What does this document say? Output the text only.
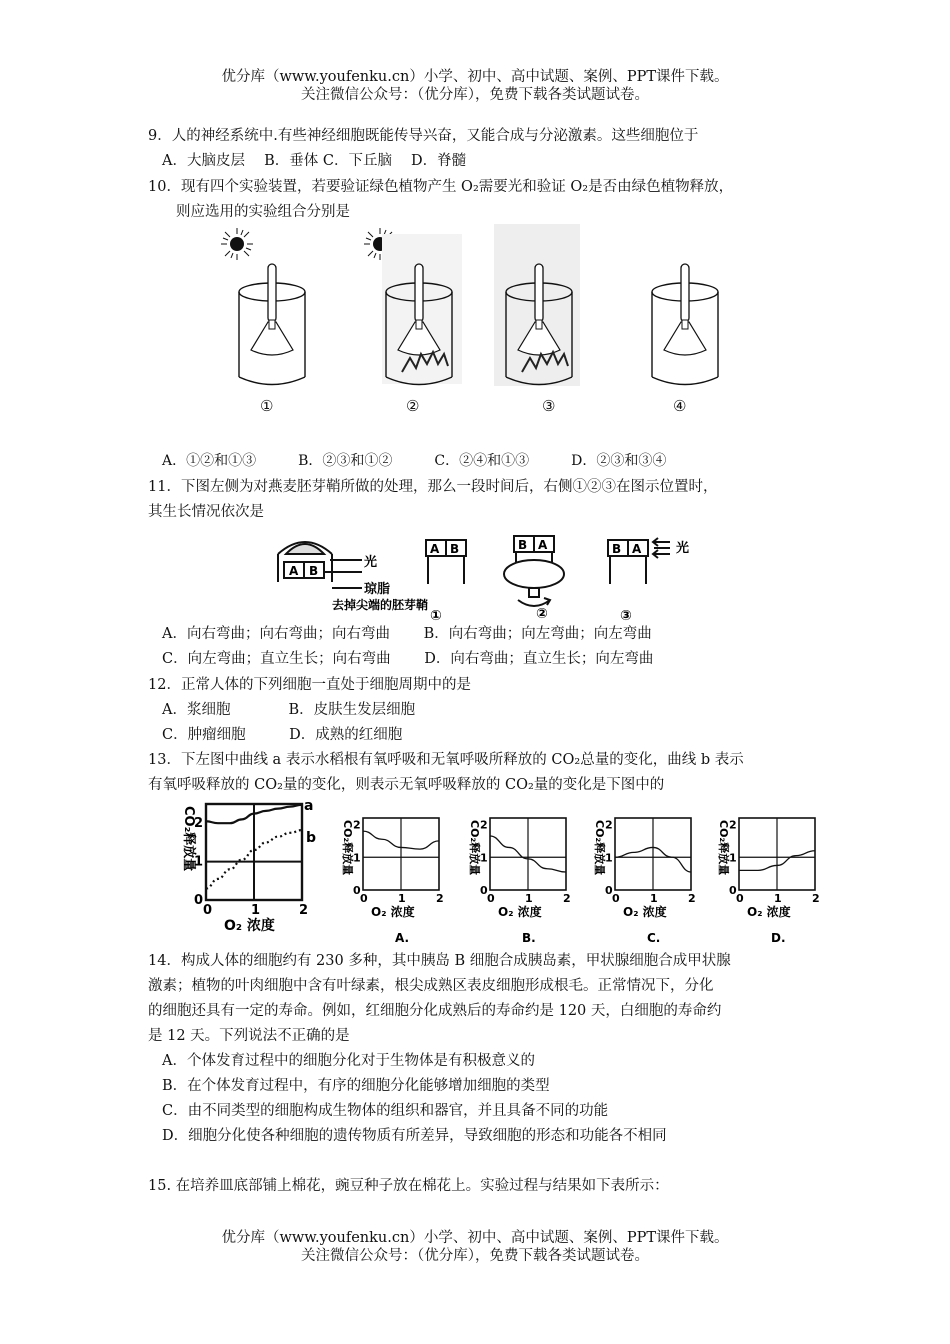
优分库（www.youfenku.cn）小学、初中、高中试题、案例、PPT课件下载。
关注微信公众号：（优分库），免费下载各类试题试卷。
9．人的神经系统中.有些神经细胞既能传导兴奋，又能合成与分泌激素。这些细胞位于
A．大脑皮层　 B．垂体 C．下丘脑　 D．脊髓
10．现有四个实验装置，若要验证绿色植物产生 O₂需要光和验证 O₂是否由绿色植物释放，
则应选用的实验组合分别是
①	②	③	④
A．①②和①③　　　B．②③和①②　　　C．②④和①③　　　D．②③和③④
11．下图左侧为对燕麦胚芽鞘所做的处理，那么一段时间后，右侧①②③在图示位置时，
其生长情况依次是
光
琼脂
去掉尖端的胚芽鞘
光
A B
A B	B A	B A
①	②	③
A．向右弯曲；向右弯曲；向右弯曲　　 B．向右弯曲；向左弯曲；向左弯曲
C．向左弯曲；直立生长；向右弯曲　　 D．向右弯曲；直立生长；向左弯曲
12．正常人体的下列细胞一直处于细胞周期中的是
A．浆细胞　　　　B．皮肤生发层细胞
C．肿瘤细胞　　　D．成熟的红细胞
13．下左图中曲线 a 表示水稻根有氧呼吸和无氧呼吸所释放的 CO₂总量的变化，曲线 b 表示
有氧呼吸释放的 CO₂量的变化，则表示无氧呼吸释放的 CO₂量的变化是下图中的
0	1	2
0
1
2
CO₂释放量
O₂ 浓度
0	1	2
0
1
2
CO₂释放量
O₂ 浓度
A.
0	1	2
0
1
2
CO₂释放量
O₂ 浓度
B.
0	1	2
0
1
2
CO₂释放量
O₂ 浓度
C.
0	1	2
0
1
2
CO₂释放量
O₂ 浓度
D.
a
b
14．构成人体的细胞约有 230 多种，其中胰岛 B 细胞合成胰岛素，甲状腺细胞合成甲状腺
激素；植物的叶肉细胞中含有叶绿素，根尖成熟区表皮细胞形成根毛。正常情况下，分化
的细胞还具有一定的寿命。例如，红细胞分化成熟后的寿命约是 120 天，白细胞的寿命约
是 12 天。下列说法不正确的是
A．个体发育过程中的细胞分化对于生物体是有积极意义的
B．在个体发育过程中，有序的细胞分化能够增加细胞的类型
C．由不同类型的细胞构成生物体的组织和器官，并且具备不同的功能
D．细胞分化使各种细胞的遗传物质有所差异，导致细胞的形态和功能各不相同
15. 在培养皿底部铺上棉花，豌豆种子放在棉花上。实验过程与结果如下表所示：
优分库（www.youfenku.cn）小学、初中、高中试题、案例、PPT课件下载。
关注微信公众号：（优分库），免费下载各类试题试卷。
